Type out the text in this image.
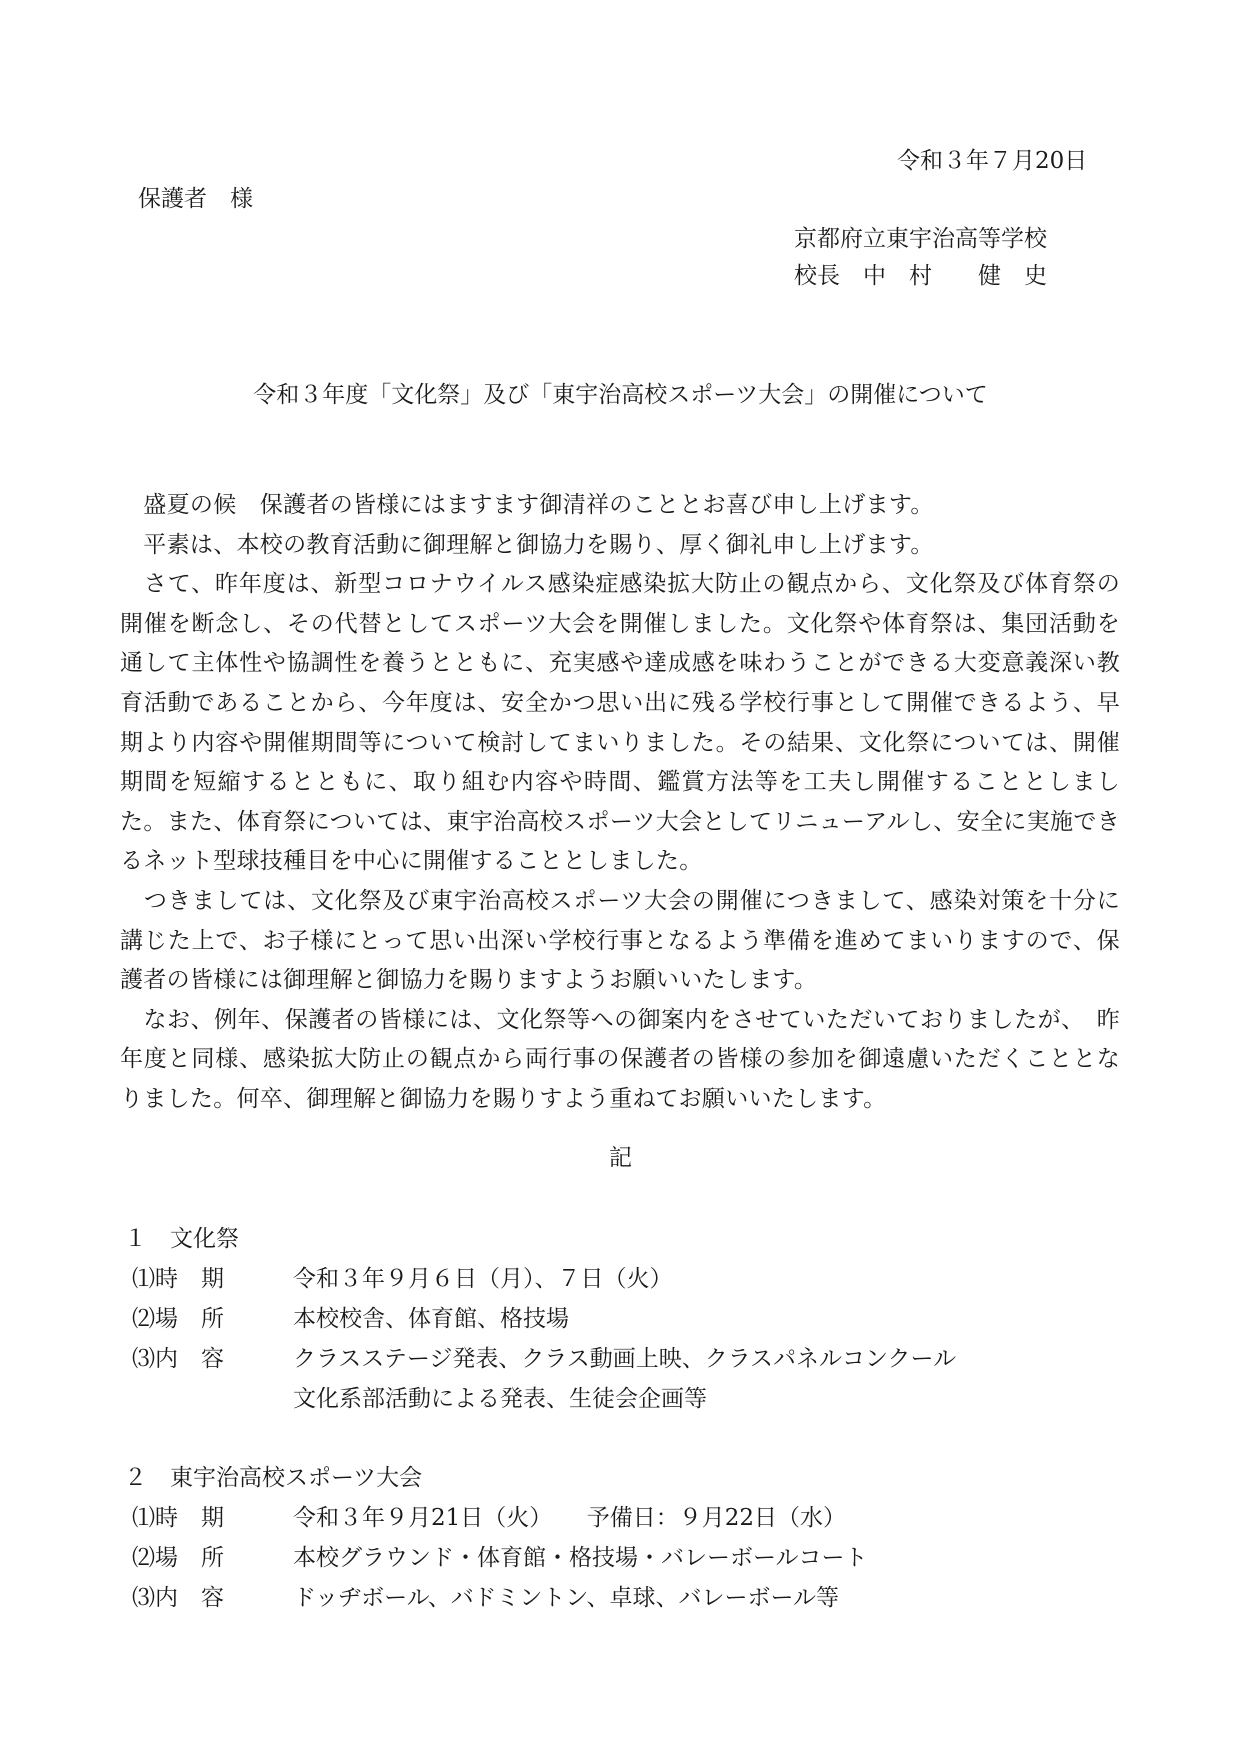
令和３年７月20日
保護者　様
京都府立東宇治高等学校
校長　中　村　　健　史
令和３年度「文化祭」及び「東宇治高校スポーツ大会」の開催について

　盛夏の候　保護者の皆様にはますます御清祥のこととお喜び申し上げます。

　平素は、本校の教育活動に御理解と御協力を賜り、厚く御礼申し上げます。

　さて、昨年度は、新型コロナウイルス感染症感染拡大防止の観点から、文化祭及び体育祭の開催を断念し、その代替としてスポーツ大会を開催しました。文化祭や体育祭は、集団活動を通して主体性や協調性を養うとともに、充実感や達成感を味わうことができる大変意義深い教育活動であることから、今年度は、安全かつ思い出に残る学校行事として開催できるよう、早期より内容や開催期間等について検討してまいりました。その結果、文化祭については、開催期間を短縮するとともに、取り組む内容や時間、鑑賞方法等を工夫し開催することとしました。また、体育祭については、東宇治高校スポーツ大会としてリニューアルし、安全に実施できるネット型球技種目を中心に開催することとしました。

　つきましては、文化祭及び東宇治高校スポーツ大会の開催につきまして、感染対策を十分に講じた上で、お子様にとって思い出深い学校行事となるよう準備を進めてまいりますので、保護者の皆様には御理解と御協力を賜りますようお願いいたします。

　なお、例年、保護者の皆様には、文化祭等への御案内をさせていただいておりましたが、　昨年度と同様、感染拡大防止の観点から両行事の保護者の皆様の参加を御遠慮いただくこととなりました。何卒、御理解と御協力を賜りすよう重ねてお願いいたします。

記
１ 文化祭
⑴時　期	令和３年９月６日（月）、７日（火）
⑵場　所	本校校舎、体育館、格技場
⑶内　容	クラスステージ発表、クラス動画上映、クラスパネルコンクール
文化系部活動による発表、生徒会企画等
２ 東宇治高校スポーツ大会
⑴時　期	令和３年９月21日（火）　　予備日：９月22日（水）
⑵場　所	本校グラウンド・体育館・格技場・バレーボールコート
⑶内　容	ドッヂボール、バドミントン、卓球、バレーボール等
